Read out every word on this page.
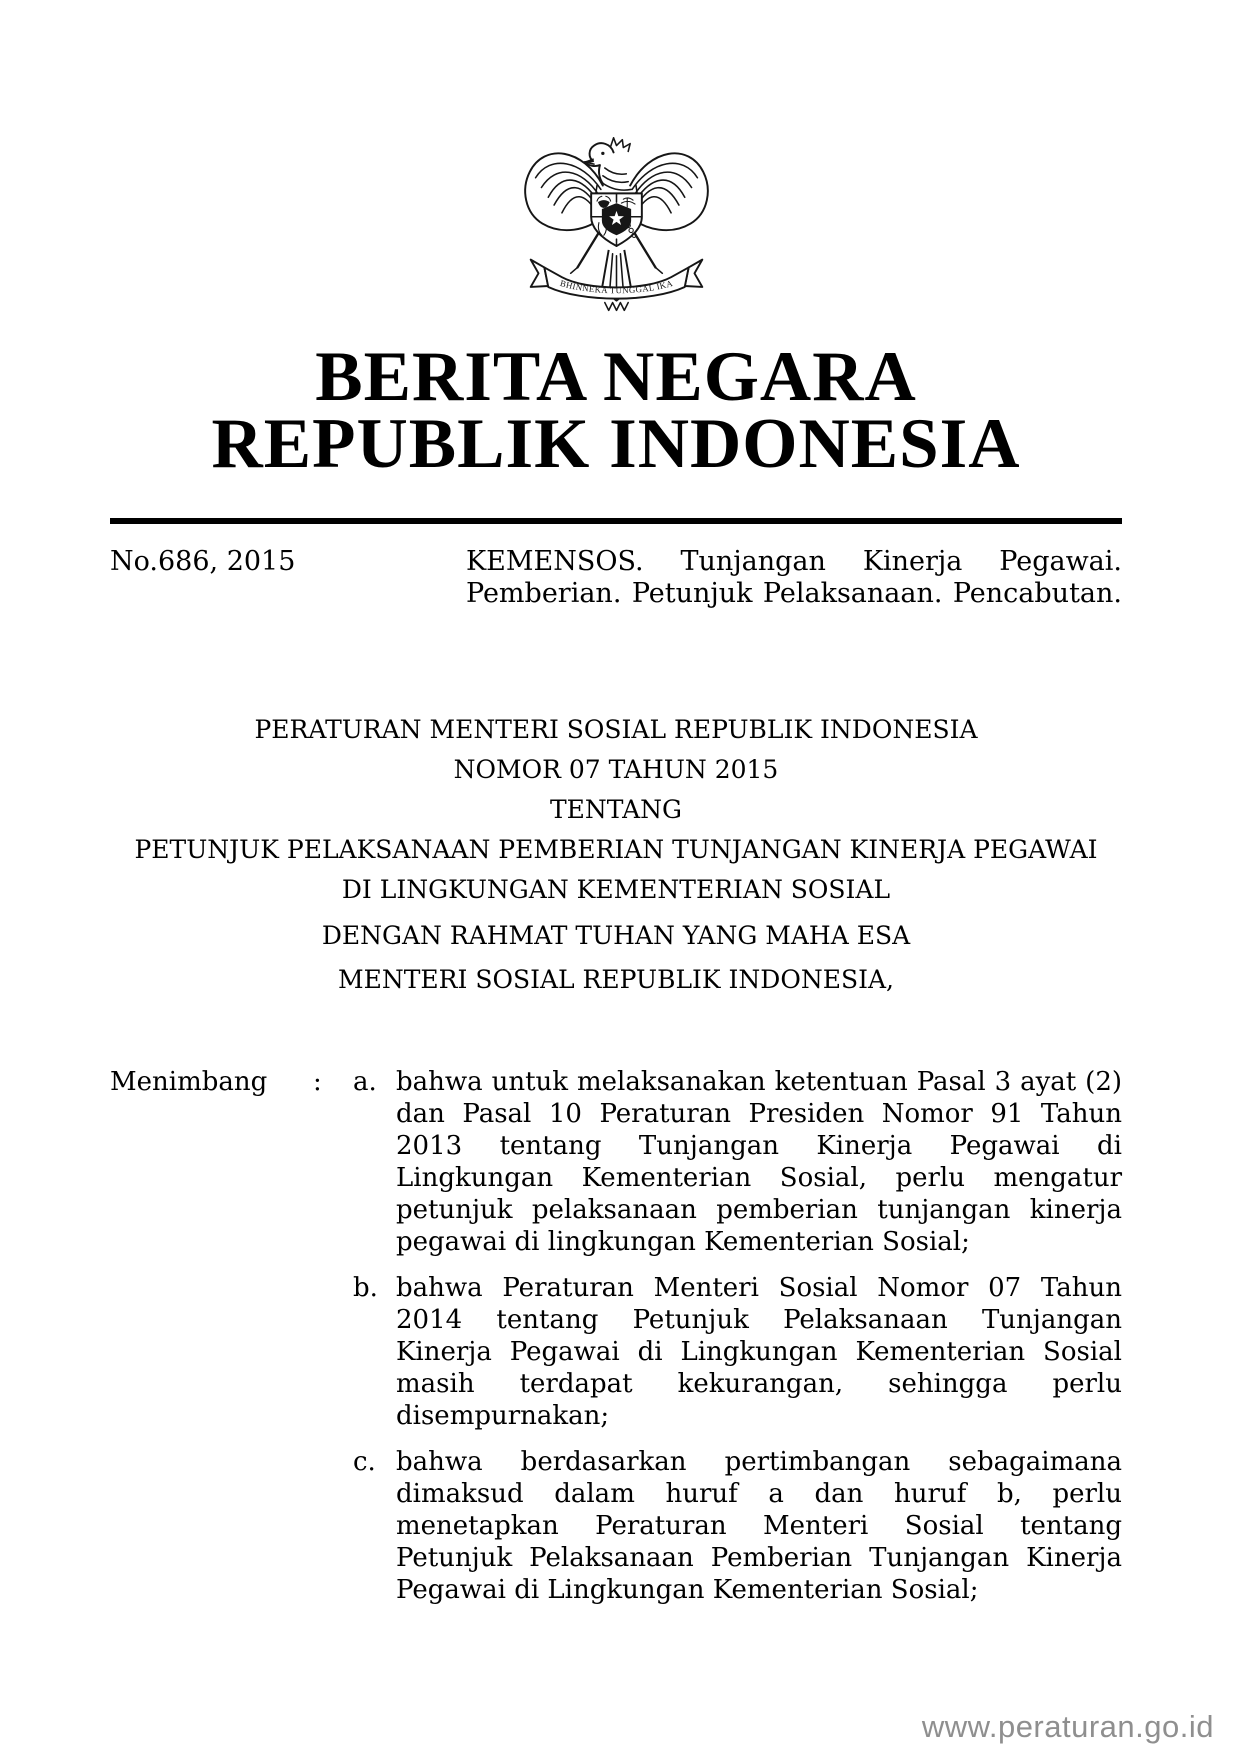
BHINNEKA TUNGGAL IKA
BERITA NEGARA
REPUBLIK INDONESIA
No.686, 2015	KEMENSOS. Tunjangan Kinerja Pegawai.
Pemberian. Petunjuk Pelaksanaan. Pencabutan.
PERATURAN MENTERI SOSIAL REPUBLIK INDONESIA
NOMOR 07 TAHUN 2015
TENTANG
PETUNJUK PELAKSANAAN PEMBERIAN TUNJANGAN KINERJA PEGAWAI
DI LINGKUNGAN KEMENTERIAN SOSIAL
DENGAN RAHMAT TUHAN YANG MAHA ESA
MENTERI SOSIAL REPUBLIK INDONESIA,
Menimbang	:	a. bahwa untuk melaksanakan ketentuan Pasal 3 ayat (2) dan Pasal 10 Peraturan Presiden Nomor 91 Tahun 2013 tentang Tunjangan Kinerja Pegawai di Lingkungan Kementerian Sosial, perlu mengatur petunjuk pelaksanaan pemberian tunjangan kinerja pegawai di lingkungan Kementerian Sosial;
b. bahwa Peraturan Menteri Sosial Nomor 07 Tahun 2014 tentang Petunjuk Pelaksanaan Tunjangan Kinerja Pegawai di Lingkungan Kementerian Sosial masih terdapat kekurangan, sehingga perlu disempurnakan;
c. bahwa berdasarkan pertimbangan sebagaimana dimaksud dalam huruf a dan huruf b, perlu menetapkan Peraturan Menteri Sosial tentang Petunjuk Pelaksanaan Pemberian Tunjangan Kinerja Pegawai di Lingkungan Kementerian Sosial;
www.peraturan.go.id
